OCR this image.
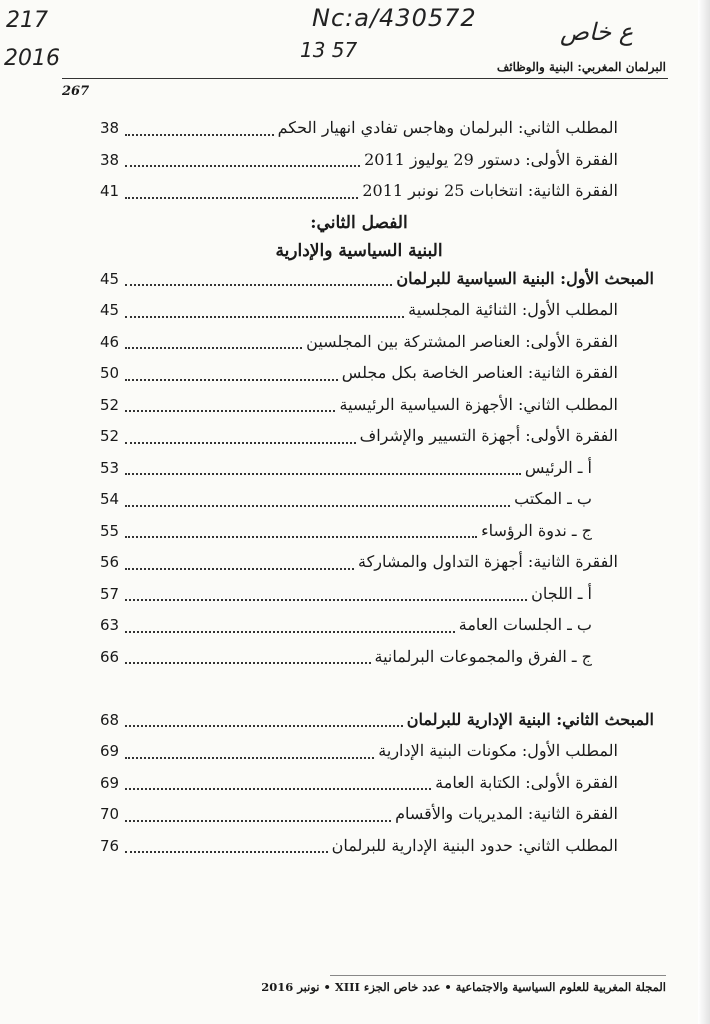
217
2016
Nc:a/430572
13 57
ع خاص
البرلمان المغربي: البنية والوظائف
267
المطلب الثاني: البرلمان وهاجس تفادي انهيار الحكم
38
الفقرة الأولى: دستور 29 يوليوز 2011
38
الفقرة الثانية: انتخابات 25 نونبر 2011
41
الفصل الثاني:
البنية السياسية والإدارية
المبحث الأول: البنية السياسية للبرلمان
45
المطلب الأول: الثنائية المجلسية
45
الفقرة الأولى: العناصر المشتركة بين المجلسين
46
الفقرة الثانية: العناصر الخاصة بكل مجلس
50
المطلب الثاني: الأجهزة السياسية الرئيسية
52
الفقرة الأولى: أجهزة التسيير والإشراف
52
أ ـ الرئيس
53
ب ـ المكتب
54
ج ـ ندوة الرؤساء
55
الفقرة الثانية: أجهزة التداول والمشاركة
56
أ ـ اللجان
57
ب ـ الجلسات العامة
63
ج ـ الفرق والمجموعات البرلمانية
66
المبحث الثاني: البنية الإدارية للبرلمان
68
المطلب الأول: مكونات البنية الإدارية
69
الفقرة الأولى: الكتابة العامة
69
الفقرة الثانية: المديريات والأقسام
70
المطلب الثاني: حدود البنية الإدارية للبرلمان
76
المجلة المغربية للعلوم السياسية والاجتماعية • عدد خاص الجزء XIII • نونبر 2016
